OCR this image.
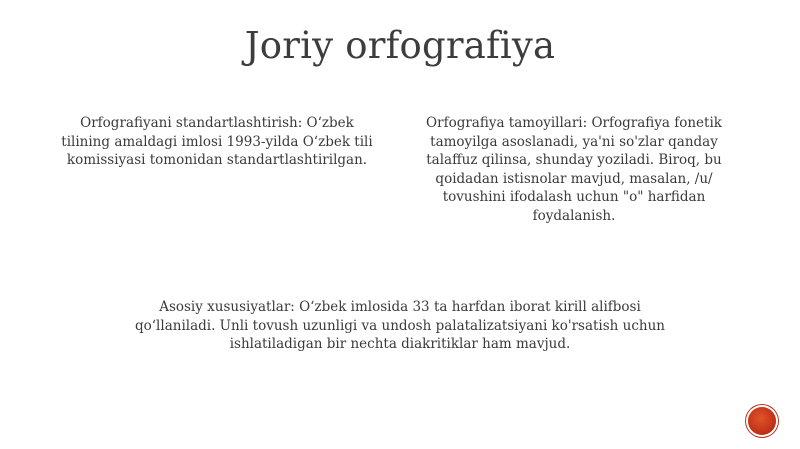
Joriy orfografiya
Orfografiyani standartlashtirish: Oʻzbek tilining amaldagi imlosi 1993-yilda Oʻzbek tili komissiyasi tomonidan standartlashtirilgan.
Orfografiya tamoyillari: Orfografiya fonetik tamoyilga asoslanadi, ya'ni so'zlar qanday talaffuz qilinsa, shunday yoziladi. Biroq, bu qoidadan istisnolar mavjud, masalan, /u/ tovushini ifodalash uchun "o" harfidan foydalanish.
Asosiy xususiyatlar: Oʻzbek imlosida 33 ta harfdan iborat kirill alifbosi qoʻllaniladi. Unli tovush uzunligi va undosh palatalizatsiyani ko'rsatish uchun ishlatiladigan bir nechta diakritiklar ham mavjud.
